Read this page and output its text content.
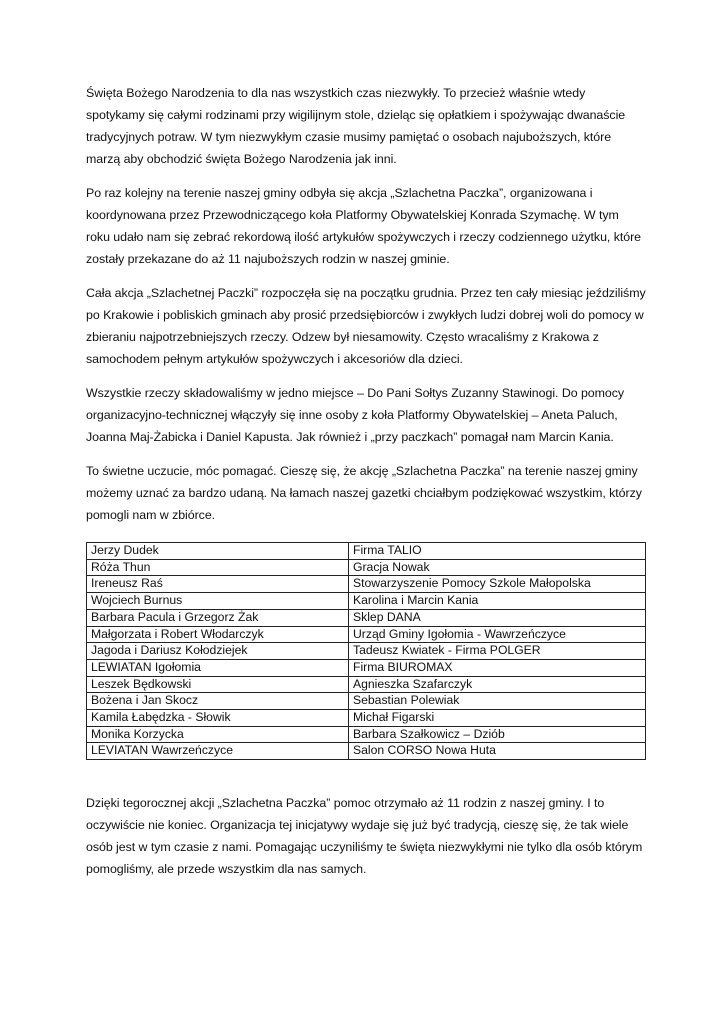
Święta Bożego Narodzenia to dla nas wszystkich czas niezwykły. To przecież właśnie wtedy spotykamy się całymi rodzinami przy wigilijnym stole, dzieląc się opłatkiem i spożywając dwanaście tradycyjnych potraw. W tym niezwykłym czasie musimy pamiętać o osobach najuboższych, które marzą aby obchodzić święta Bożego Narodzenia jak inni.

Po raz kolejny na terenie naszej gminy odbyła się akcja „Szlachetna Paczka”, organizowana i koordynowana przez Przewodniczącego koła Platformy Obywatelskiej Konrada Szymachę. W tym roku udało nam się zebrać rekordową ilość artykułów spożywczych i rzeczy codziennego użytku, które zostały przekazane do aż 11 najuboższych rodzin w naszej gminie.

Cała akcja „Szlachetnej Paczki” rozpoczęła się na początku grudnia. Przez ten cały miesiąc jeździliśmy po Krakowie i pobliskich gminach aby prosić przedsiębiorców i zwykłych ludzi dobrej woli do pomocy w zbieraniu najpotrzebniejszych rzeczy. Odzew był niesamowity. Często wracaliśmy z Krakowa z samochodem pełnym artykułów spożywczych i akcesoriów dla dzieci.

Wszystkie rzeczy składowaliśmy w jedno miejsce – Do Pani Sołtys Zuzanny Stawinogi. Do pomocy organizacyjno-technicznej włączyły się inne osoby z koła Platformy Obywatelskiej – Aneta Paluch, Joanna Maj-Żabicka i Daniel Kapusta. Jak również i „przy paczkach” pomagał nam Marcin Kania.

To świetne uczucie, móc pomagać. Cieszę się, że akcję „Szlachetna Paczka” na terenie naszej gminy możemy uznać za bardzo udaną. Na łamach naszej gazetki chciałbym podziękować wszystkim, którzy pomogli nam w zbiórce.

Jerzy Dudek	Firma TALIO
Róża Thun	Gracja Nowak
Ireneusz Raś	Stowarzyszenie Pomocy Szkole Małopolska
Wojciech Burnus	Karolina i Marcin Kania
Barbara Pacula i Grzegorz Żak	Sklep DANA
Małgorzata i Robert Włodarczyk	Urząd Gminy Igołomia - Wawrzeńczyce
Jagoda i Dariusz Kołodziejek	Tadeusz Kwiatek - Firma POLGER
LEWIATAN Igołomia	Firma BIUROMAX
Leszek Będkowski	Agnieszka Szafarczyk
Bożena i Jan Skocz	Sebastian Polewiak
Kamila Łabędzka - Słowik	Michał Figarski
Monika Korzycka	Barbara Szałkowicz – Dziób
LEVIATAN Wawrzeńczyce	Salon CORSO Nowa Huta

Dzięki tegorocznej akcji „Szlachetna Paczka” pomoc otrzymało aż 11 rodzin z naszej gminy. I to oczywiście nie koniec. Organizacja tej inicjatywy wydaje się już być tradycją, cieszę się, że tak wiele osób jest w tym czasie z nami. Pomagając uczyniliśmy te święta niezwykłymi nie tylko dla osób którym pomogliśmy, ale przede wszystkim dla nas samych.
